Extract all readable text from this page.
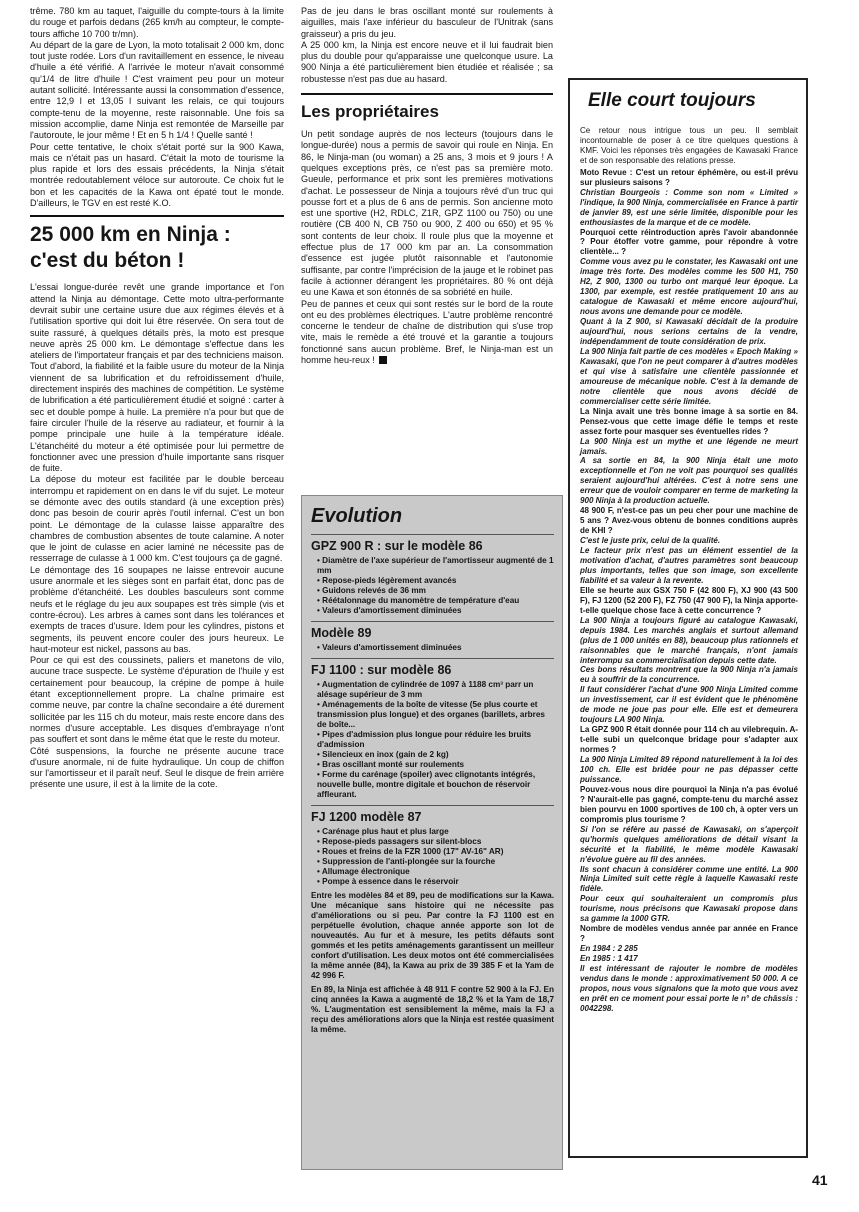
trême. 780 km au taquet, l'aiguille du compte-tours à la limite du rouge et parfois dedans (265 km/h au compteur, le compte-tours affiche 10 700 tr/mn).

Au départ de la gare de Lyon, la moto totalisait 2 000 km, donc tout juste rodée. Lors d'un ravitaillement en essence, le niveau d'huile a été vérifié. A l'arrivée le moteur n'avait consommé qu'1/4 de litre d'huile ! C'est vraiment peu pour un moteur autant sollicité. Intéressante aussi la consommation d'essence, entre 12,9 l et 13,05 l suivant les relais, ce qui toujours compte-tenu de la moyenne, reste raisonnable. Une fois sa mission accomplie, dame Ninja est remontée de Marseille par l'autoroute, le jour même ! Et en 5 h 1/4 ! Quelle santé !

Pour cette tentative, le choix s'était porté sur la 900 Kawa, mais ce n'était pas un hasard. C'était la moto de tourisme la plus rapide et lors des essais précédents, la Ninja s'était montrée redoutablement véloce sur autoroute. Ce choix fut le bon et les capacités de la Kawa ont épaté tout le monde. D'ailleurs, le TGV en est resté K.O.

25 000 km en Ninja :
c'est du béton !

L'essai longue-durée revêt une grande importance et l'on attend la Ninja au démontage. Cette moto ultra-performante devrait subir une certaine usure due aux régimes élevés et à l'utilisation sportive qui doit lui être réservée. On sera tout de suite rassuré, à quelques détails près, la moto est presque neuve après 25 000 km. Le démontage s'effectue dans les ateliers de l'importateur français et par des techniciens maison.

Tout d'abord, la fiabilité et la faible usure du moteur de la Ninja viennent de sa lubrification et du refroidissement d'huile, directement inspirés des machines de compétition. Le système de lubrification a été particulièrement étudié et soigné : carter à sec et double pompe à huile. La première n'a pour but que de faire circuler l'huile de la réserve au radiateur, et fournir à la pompe principale une huile à la température idéale. L'étanchéité du moteur a été optimisée pour lui permettre de fonctionner avec une pression d'huile importante sans risquer de fuite.

La dépose du moteur est facilitée par le double berceau interrompu et rapidement on en dans le vif du sujet. Le moteur se démonte avec des outils standard (à une exception près) donc pas besoin de courir après l'outil infernal. C'est un bon point. Le démontage de la culasse laisse apparaître des chambres de combustion absentes de toute calamine. A noter que le joint de culasse en acier laminé ne nécessite pas de resserrage de culasse à 1 000 km. C'est toujours ça de gagné.

Le démontage des 16 soupapes ne laisse entrevoir aucune usure anormale et les sièges sont en parfait état, donc pas de problème d'étanchéité. Les doubles basculeurs sont comme neufs et le réglage du jeu aux soupapes est très simple (vis et contre-écrou). Les arbres à cames sont dans les tolérances et exempts de traces d'usure. Idem pour les cylindres, pistons et segments, ils peuvent encore couler des jours heureux. Le haut-moteur est nickel, passons au bas.

Pour ce qui est des coussinets, paliers et manetons de vilo, aucune trace suspecte. Le système d'épuration de l'huile y est certainement pour beaucoup, la crépine de pompe à huile étant exceptionnellement propre. La chaîne primaire est comme neuve, par contre la chaîne secondaire a été durement sollicitée par les 115 ch du moteur, mais reste encore dans des normes d'usure acceptable. Les disques d'embrayage n'ont pas souffert et sont dans le même état que le reste du moteur.

Côté suspensions, la fourche ne présente aucune trace d'usure anormale, ni de fuite hydraulique. Un coup de chiffon sur l'amortisseur et il paraît neuf. Seul le disque de frein arrière présente une usure, il est à la limite de la cote.

Pas de jeu dans le bras oscillant monté sur roulements à aiguilles, mais l'axe inférieur du basculeur de l'Unitrak (sans graisseur) a pris du jeu.

A 25 000 km, la Ninja est encore neuve et il lui faudrait bien plus du double pour qu'apparaisse une quelconque usure. La 900 Ninja a été particulièrement bien étudiée et réalisée ; sa robustesse n'est pas due au hasard.

Les propriétaires

Un petit sondage auprès de nos lecteurs (toujours dans le longue-durée) nous a permis de savoir qui roule en Ninja. En 86, le Ninja-man (ou woman) a 25 ans, 3 mois et 9 jours ! A quelques exceptions près, ce n'est pas sa première moto. Gueule, performance et prix sont les premières motivations d'achat. Le possesseur de Ninja a toujours rêvé d'un truc qui pousse fort et a plus de 6 ans de permis. Son ancienne moto est une sportive (H2, RDLC, Z1R, GPZ 1100 ou 750) ou une routière (CB 400 N, CB 750 ou 900, Z 400 ou 650) et 95 % sont contents de leur choix. Il roule plus que la moyenne et effectue plus de 17 000 km par an. La consommation d'essence est jugée plutôt raisonnable et l'autonomie suffisante, par contre l'imprécision de la jauge et le robinet pas facile à actionner dérangent les propriétaires. 80 % ont déjà eu une Kawa et son étonnés de sa sobriété en huile.

Peu de pannes et ceux qui sont restés sur le bord de la route ont eu des problèmes électriques. L'autre problème rencontré concerne le tendeur de chaîne de distribution qui s'use trop vite, mais le remède a été trouvé et la garantie a toujours fonctionné sans aucun problème. Bref, le Ninja-man est un homme heu-reux !

Evolution
GPZ 900 R : sur le modèle 86
• Diamètre de l'axe supérieur de l'amortisseur augmenté de 1 mm
• Repose-pieds légèrement avancés
• Guidons relevés de 36 mm
• Réétalonnage du manomètre de température d'eau
• Valeurs d'amortissement diminuées
Modèle 89
• Valeurs d'amortissement diminuées
FJ 1100 : sur modèle 86
• Augmentation de cylindrée de 1097 à 1188 cm³ parr un alésage supérieur de 3 mm
• Aménagements de la boîte de vitesse (5e plus courte et transmission plus longue) et des organes (barillets, arbres de boîte...
• Pipes d'admission plus longue pour réduire les bruits d'admission
• Silencieux en inox (gain de 2 kg)
• Bras oscillant monté sur roulements
• Forme du carénage (spoiler) avec clignotants intégrés, nouvelle bulle, montre digitale et bouchon de réservoir affleurant.
FJ 1200 modèle 87
• Carénage plus haut et plus large
• Repose-pieds passagers sur silent-blocs
• Roues et freins de la FZR 1000 (17" AV-16" AR)
• Suppression de l'anti-plongée sur la fourche
• Allumage électronique
• Pompe à essence dans le réservoir

Entre les modèles 84 et 89, peu de modifications sur la Kawa. Une mécanique sans histoire qui ne nécessite pas d'améliorations ou si peu. Par contre la FJ 1100 est en perpétuelle évolution, chaque année apporte son lot de nouveautés. Au fur et à mesure, les petits défauts sont gommés et les petits aménagements garantissent un meilleur confort d'utilisation. Les deux motos ont été commercialisées la même année (84), la Kawa au prix de 39 385 F et la Yam de 42 996 F.

En 89, la Ninja est affichée à 48 911 F contre 52 900 à la FJ. En cinq années la Kawa a augmenté de 18,2 % et la Yam de 18,7 %. L'augmentation est sensiblement la même, mais la FJ a reçu des améliorations alors que la Ninja est restée quasiment la même.

Elle court toujours

Ce retour nous intrigue tous un peu. Il semblait incontournable de poser à ce titre quelques questions à KMF. Voici les réponses très engagées de Kawasaki France et de son responsable des relations presse.

Moto Revue : C'est un retour éphémère, ou est-il prévu sur plusieurs saisons ?

Christian Bourgeois : Comme son nom « Limited » l'indique, la 900 Ninja, commercialisée en France à partir de janvier 89, est une série limitée, disponible pour les enthousiastes de la marque et de ce modèle.

Pourquoi cette réintroduction après l'avoir abandonnée ? Pour étoffer votre gamme, pour répondre à votre clientèle... ?

Comme vous avez pu le constater, les Kawasaki ont une image très forte. Des modèles comme les 500 H1, 750 H2, Z 900, 1300 ou turbo ont marqué leur époque. La 1300, par exemple, est restée pratiquement 10 ans au catalogue de Kawasaki et même encore aujourd'hui, nous avons une demande pour ce modèle.

Quant à la Z 900, si Kawasaki décidait de la produire aujourd'hui, nous serions certains de la vendre, indépendamment de toute considération de prix.

La 900 Ninja fait partie de ces modèles « Epoch Making » Kawasaki, que l'on ne peut comparer à d'autres modèles et qui vise à satisfaire une clientèle passionnée et amoureuse de mécanique noble. C'est à la demande de notre clientèle que nous avons décidé de commercialiser cette série limitée.

La Ninja avait une très bonne image à sa sortie en 84. Pensez-vous que cette image défie le temps et reste assez forte pour masquer ses éventuelles rides ?

La 900 Ninja est un mythe et une légende ne meurt jamais.

A sa sortie en 84, la 900 Ninja était une moto exceptionnelle et l'on ne voit pas pourquoi ses qualités seraient aujourd'hui altérées. C'est à notre sens une erreur que de vouloir comparer en terme de marketing la 900 Ninja à la production actuelle.

48 900 F, n'est-ce pas un peu cher pour une machine de 5 ans ? Avez-vous obtenu de bonnes conditions auprès de KHI ?

C'est le juste prix, celui de la qualité.

Le facteur prix n'est pas un élément essentiel de la motivation d'achat, d'autres paramètres sont beaucoup plus importants, telles que son image, son excellente fiabilité et sa valeur à la revente.

Elle se heurte aux GSX 750 F (42 800 F), XJ 900 (43 500 F), FJ 1200 (52 200 F), FZ 750 (47 900 F), la Ninja apporte-t-elle quelque chose face à cette concurrence ?

La 900 Ninja a toujours figuré au catalogue Kawasaki, depuis 1984. Les marchés anglais et surtout allemand (plus de 1 000 unités en 88), beaucoup plus rationnels et raisonnables que le marché français, n'ont jamais interrompu sa commercialisation depuis cette date.

Ces bons résultats montrent que la 900 Ninja n'a jamais eu à souffrir de la concurrence.

Il faut considérer l'achat d'une 900 Ninja Limited comme un investissement, car il est évident que le phénomène de mode ne joue pas pour elle. Elle est et demeurera toujours LA 900 Ninja.

La GPZ 900 R était donnée pour 114 ch au vilebrequin. A-t-elle subi un quelconque bridage pour s'adapter aux normes ?

La 900 Ninja Limited 89 répond naturellement à la loi des 100 ch. Elle est bridée pour ne pas dépasser cette puissance.

Pouvez-vous nous dire pourquoi la Ninja n'a pas évolué ? N'aurait-elle pas gagné, compte-tenu du marché assez bien pourvu en 1000 sportives de 100 ch, à opter vers un compromis plus tourisme ?

Si l'on se réfère au passé de Kawasaki, on s'aperçoit qu'hormis quelques améliorations de détail visant la sécurité et la fiabilité, le même modèle Kawasaki n'évolue guère au fil des années.

Ils sont chacun à considérer comme une entité. La 900 Ninja Limited suit cette règle à laquelle Kawasaki reste fidèle.

Pour ceux qui souhaiteraient un compromis plus tourisme, nous précisons que Kawasaki propose dans sa gamme la 1000 GTR.

Nombre de modèles vendus année par année en France ?

En 1984 : 2 285

En 1985 : 1 417

Il est intéressant de rajouter le nombre de modèles vendus dans le monde : approximativement 50 000. A ce propos, nous vous signalons que la moto que vous avez en prêt en ce moment pour essai porte le n° de châssis : 0042298.

41
